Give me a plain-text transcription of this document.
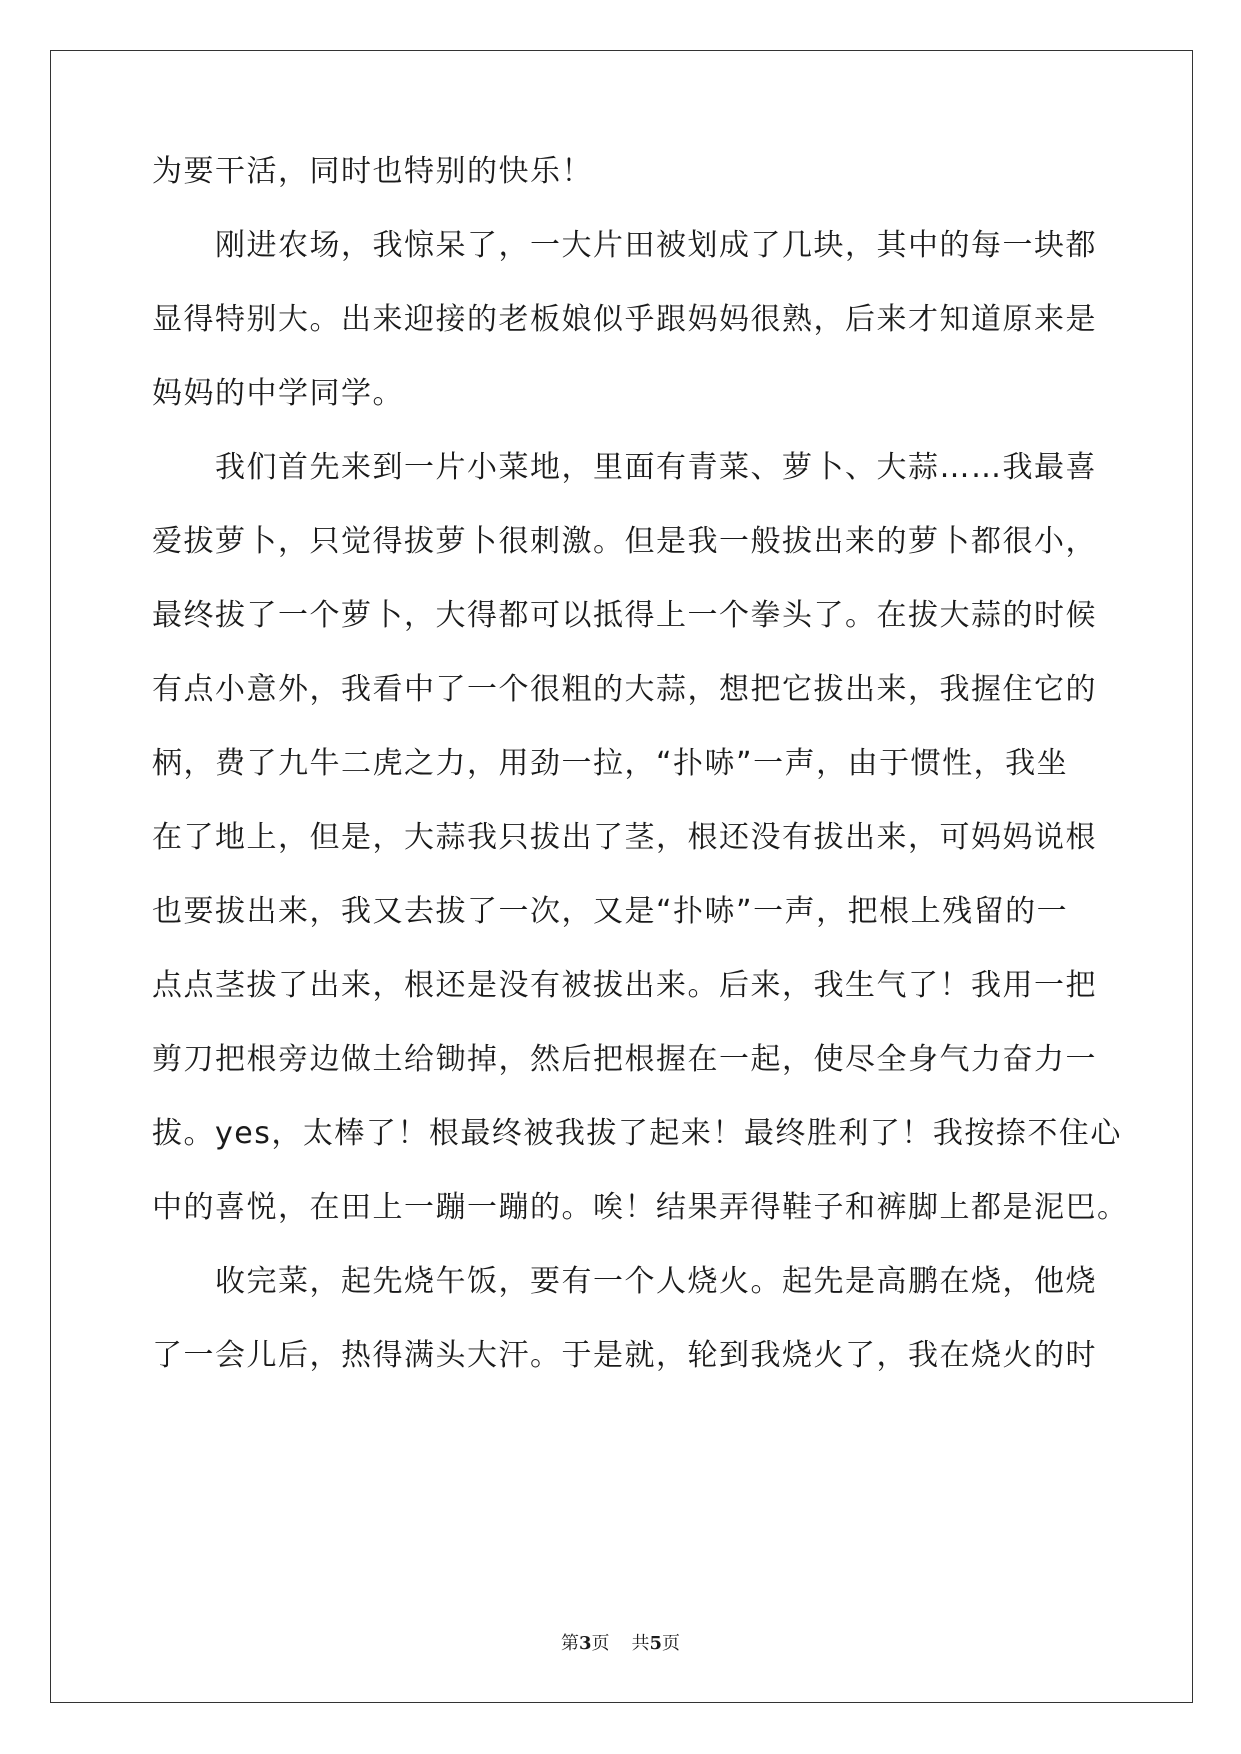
为要干活，同时也特别的快乐！
　　刚进农场，我惊呆了，一大片田被划成了几块，其中的每一块都
显得特别大。出来迎接的老板娘似乎跟妈妈很熟，后来才知道原来是
妈妈的中学同学。
　　我们首先来到一片小菜地，里面有青菜、萝卜、大蒜……我最喜
爱拔萝卜，只觉得拔萝卜很刺激。但是我一般拔出来的萝卜都很小，
最终拔了一个萝卜，大得都可以抵得上一个拳头了。在拔大蒜的时候
有点小意外，我看中了一个很粗的大蒜，想把它拔出来，我握住它的
柄，费了九牛二虎之力，用劲一拉，“扑哧”一声，由于惯性，我坐
在了地上，但是，大蒜我只拔出了茎，根还没有拔出来，可妈妈说根
也要拔出来，我又去拔了一次，又是“扑哧”一声，把根上残留的一
点点茎拔了出来，根还是没有被拔出来。后来，我生气了！我用一把
剪刀把根旁边做土给锄掉，然后把根握在一起，使尽全身气力奋力一
拔。yes，太棒了！根最终被我拔了起来！最终胜利了！我按捺不住心
中的喜悦，在田上一蹦一蹦的。唉！结果弄得鞋子和裤脚上都是泥巴。
　　收完菜，起先烧午饭，要有一个人烧火。起先是高鹏在烧，他烧
了一会儿后，热得满头大汗。于是就，轮到我烧火了，我在烧火的时
第3页 共5页
